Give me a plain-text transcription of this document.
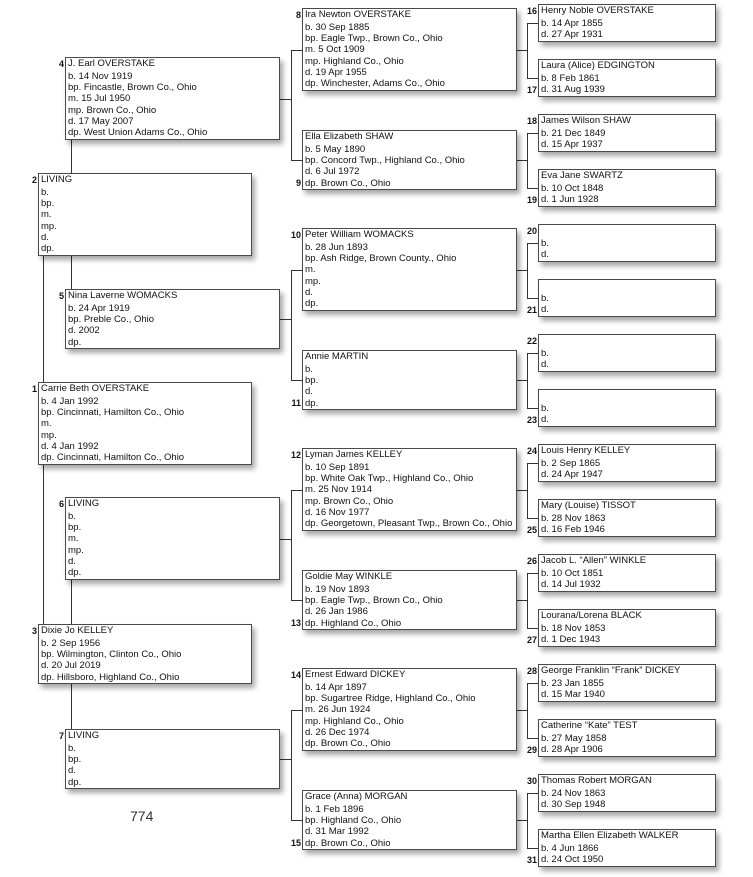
2 LIVING
b.
bp.
m.
mp.
d.
dp.
1 Carrie Beth OVERSTAKE
b. 4 Jan 1992
bp. Cincinnati, Hamilton Co., Ohio
m.
mp.
d. 4 Jan 1992
dp. Cincinnati, Hamilton Co., Ohio
3 Dixie Jo KELLEY
b. 2 Sep 1956
bp. Wilmington, Clinton Co., Ohio
d. 20 Jul 2019
dp. Hillsboro, Highland Co., Ohio
4 J. Earl OVERSTAKE
b. 14 Nov 1919
bp. Fincastle, Brown Co., Ohio
m. 15 Jul 1950
mp. Brown Co., Ohio
d. 17 May 2007
dp. West Union Adams Co., Ohio
5 Nina Laverne WOMACKS
b. 24 Apr 1919
bp. Preble Co., Ohio
d. 2002
dp.
6 LIVING
b.
bp.
m.
mp.
d.
dp.
7 LIVING
b.
bp.
d.
dp.
8 Ira Newton OVERSTAKE
b. 30 Sep 1885
bp. Eagle Twp., Brown Co., Ohio
m. 5 Oct 1909
mp. Highland Co., Ohio
d. 19 Apr 1955
dp. Winchester, Adams Co., Ohio
9
Ella Elizabeth SHAW
b. 5 May 1890
bp. Concord Twp., Highland Co., Ohio
d. 6 Jul 1972
dp. Brown Co., Ohio
10 Peter William WOMACKS
b. 28 Jun 1893
bp. Ash Ridge, Brown County., Ohio
m.
mp.
d.
dp.
11
Annie MARTIN
b.
bp.
d.
dp.
12 Lyman James KELLEY
b. 10 Sep 1891
bp. White Oak Twp., Highland Co., Ohio
m. 25 Nov 1914
mp. Brown Co., Ohio
d. 16 Nov 1977
dp. Georgetown, Pleasant Twp., Brown Co., Ohio
13
Goldie May WINKLE
b. 19 Nov 1893
bp. Eagle Twp., Brown Co., Ohio
d. 26 Jan 1986
dp. Highland Co., Ohio
14 Ernest Edward DICKEY
b. 14 Apr 1897
bp. Sugartree Ridge, Highland Co., Ohio
m. 26 Jun 1924
mp. Highland Co., Ohio
d. 26 Dec 1974
dp. Brown Co., Ohio
15
Grace (Anna) MORGAN
b. 1 Feb 1896
bp. Highland Co., Ohio
d. 31 Mar 1992
dp. Brown Co., Ohio
16 Henry Noble OVERSTAKE
b. 14 Apr 1855
d. 27 Apr 1931
17
Laura (Alice) EDGINGTON
b. 8 Feb 1861
d. 31 Aug 1939
18 James Wilson SHAW
b. 21 Dec 1849
d. 15 Apr 1937
19
Eva Jane SWARTZ
b. 10 Oct 1848
d. 1 Jun 1928
20
b.
d.
21
b.
d.
22
b.
d.
23
b.
d.
24 Louis Henry KELLEY
b. 2 Sep 1865
d. 24 Apr 1947
25
Mary (Louise) TISSOT
b. 28 Nov 1863
d. 16 Feb 1946
26 Jacob L. “Allen” WINKLE
b. 10 Oct 1851
d. 14 Jul 1932
27
Lourana/Lorena BLACK
b. 18 Nov 1853
d. 1 Dec 1943
28 George Franklin “Frank” DICKEY
b. 23 Jan 1855
d. 15 Mar 1940
29
Catherine “Kate” TEST
b. 27 May 1858
d. 28 Apr 1906
30 Thomas Robert MORGAN
b. 24 Nov 1863
d. 30 Sep 1948
31
Martha Ellen Elizabeth WALKER
b. 4 Jun 1866
d. 24 Oct 1950
774
